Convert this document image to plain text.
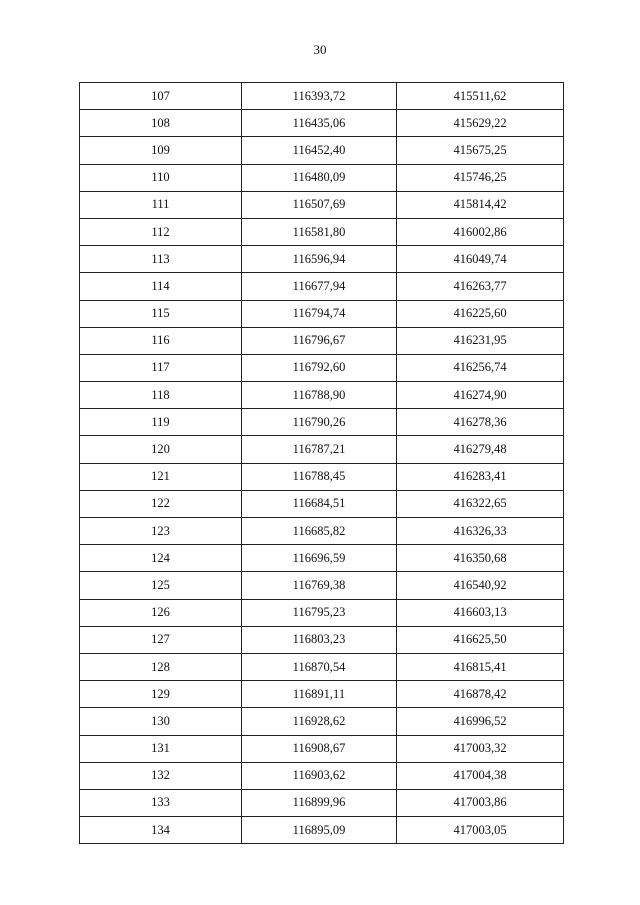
30
107	116393,72	415511,62
108	116435,06	415629,22
109	116452,40	415675,25
110	116480,09	415746,25
111	116507,69	415814,42
112	116581,80	416002,86
113	116596,94	416049,74
114	116677,94	416263,77
115	116794,74	416225,60
116	116796,67	416231,95
117	116792,60	416256,74
118	116788,90	416274,90
119	116790,26	416278,36
120	116787,21	416279,48
121	116788,45	416283,41
122	116684,51	416322,65
123	116685,82	416326,33
124	116696,59	416350,68
125	116769,38	416540,92
126	116795,23	416603,13
127	116803,23	416625,50
128	116870,54	416815,41
129	116891,11	416878,42
130	116928,62	416996,52
131	116908,67	417003,32
132	116903,62	417004,38
133	116899,96	417003,86
134	116895,09	417003,05
